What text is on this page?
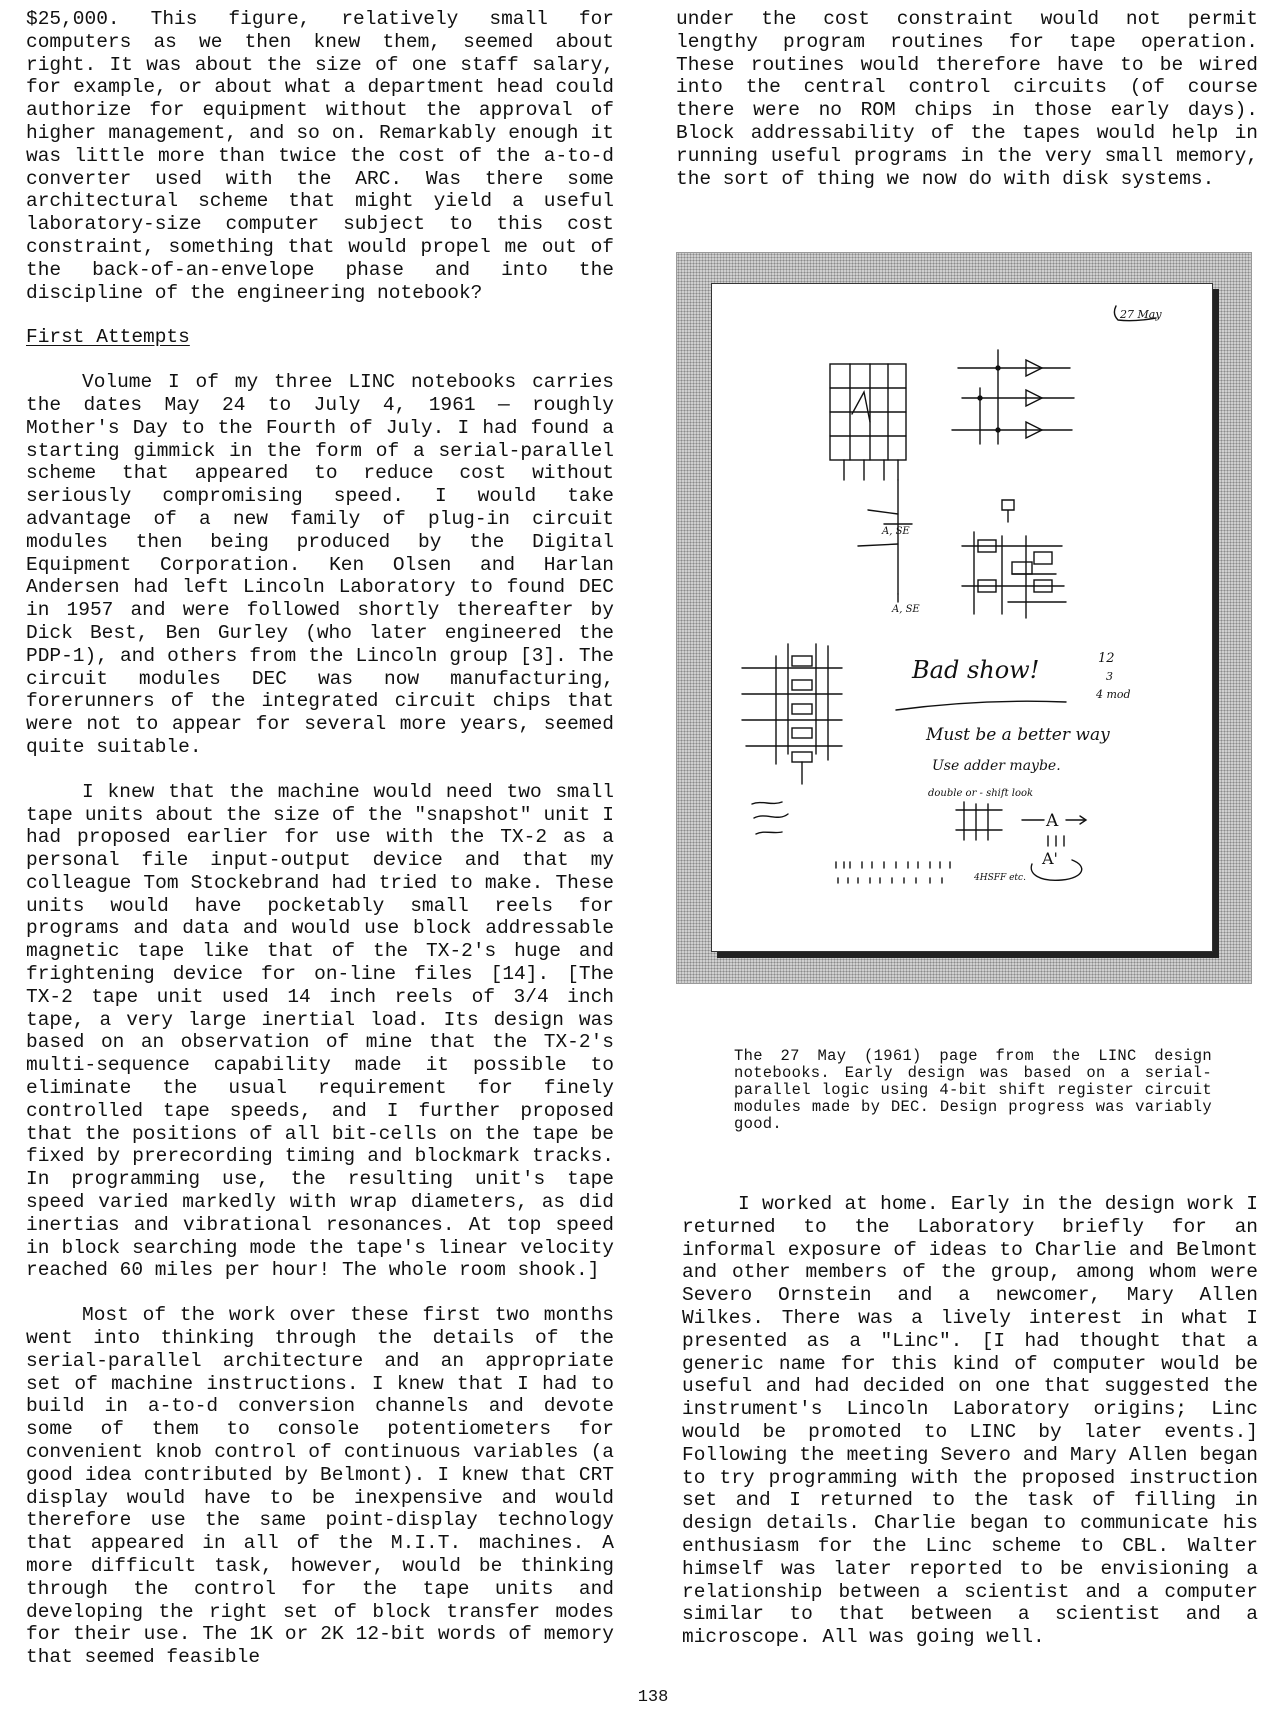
$25,000. This figure, relatively small for computers as we then knew them, seemed about right. It was about the size of one staff salary, for example, or about what a department head could authorize for equipment without the approval of higher management, and so on. Remarkably enough it was little more than twice the cost of the a-to-d converter used with the ARC. Was there some architectural scheme that might yield a useful laboratory-size computer subject to this cost constraint, something that would propel me out of the back-of-an-envelope phase and into the discipline of the engineering notebook?

First Attempts

Volume I of my three LINC notebooks carries the dates May 24 to July 4, 1961 — roughly Mother's Day to the Fourth of July. I had found a starting gimmick in the form of a serial-parallel scheme that appeared to reduce cost without seriously compromising speed. I would take advantage of a new family of plug-in circuit modules then being produced by the Digital Equipment Corporation. Ken Olsen and Harlan Andersen had left Lincoln Laboratory to found DEC in 1957 and were followed shortly thereafter by Dick Best, Ben Gurley (who later engineered the PDP-1), and others from the Lincoln group [3]. The circuit modules DEC was now manufacturing, forerunners of the integrated circuit chips that were not to appear for several more years, seemed quite suitable.

I knew that the machine would need two small tape units about the size of the "snapshot" unit I had proposed earlier for use with the TX-2 as a personal file input-output device and that my colleague Tom Stockebrand had tried to make. These units would have pocketably small reels for programs and data and would use block addressable magnetic tape like that of the TX-2's huge and frightening device for on-line files [14]. [The TX-2 tape unit used 14 inch reels of 3/4 inch tape, a very large inertial load. Its design was based on an observation of mine that the TX-2's multi-sequence capability made it possible to eliminate the usual requirement for finely controlled tape speeds, and I further proposed that the positions of all bit-cells on the tape be fixed by prerecording timing and blockmark tracks. In programming use, the resulting unit's tape speed varied markedly with wrap diameters, as did inertias and vibrational resonances. At top speed in block searching mode the tape's linear velocity reached 60 miles per hour! The whole room shook.]

Most of the work over these first two months went into thinking through the details of the serial-parallel architecture and an appropriate set of machine instructions. I knew that I had to build in a-to-d conversion channels and devote some of them to console potentiometers for convenient knob control of continuous variables (a good idea contributed by Belmont). I knew that CRT display would have to be inexpensive and would therefore use the same point-display technology that appeared in all of the M.I.T. machines. A more difficult task, however, would be thinking through the control for the tape units and developing the right set of block transfer modes for their use. The 1K or 2K 12-bit words of memory that seemed feasible

under the cost constraint would not permit lengthy program routines for tape operation. These routines would therefore have to be wired into the central control circuits (of course there were no ROM chips in those early days). Block addressability of the tapes would help in running useful programs in the very small memory, the sort of thing we now do with disk systems.

27 May
A, SE
A, SE
Bad show!
Must be a better way
Use adder maybe.
double or - shift look
12
3
4 mod
A
A'
4HSFF etc.

The 27 May (1961) page from the LINC design notebooks. Early design was based on a serial-parallel logic using 4-bit shift register circuit modules made by DEC. Design progress was variably good.

I worked at home. Early in the design work I returned to the Laboratory briefly for an informal exposure of ideas to Charlie and Belmont and other members of the group, among whom were Severo Ornstein and a newcomer, Mary Allen Wilkes. There was a lively interest in what I presented as a "Linc". [I had thought that a generic name for this kind of computer would be useful and had decided on one that suggested the instrument's Lincoln Laboratory origins; Linc would be promoted to LINC by later events.] Following the meeting Severo and Mary Allen began to try programming with the proposed instruction set and I returned to the task of filling in design details. Charlie began to communicate his enthusiasm for the Linc scheme to CBL. Walter himself was later reported to be envisioning a relationship between a scientist and a computer similar to that between a scientist and a microscope. All was going well.

138
